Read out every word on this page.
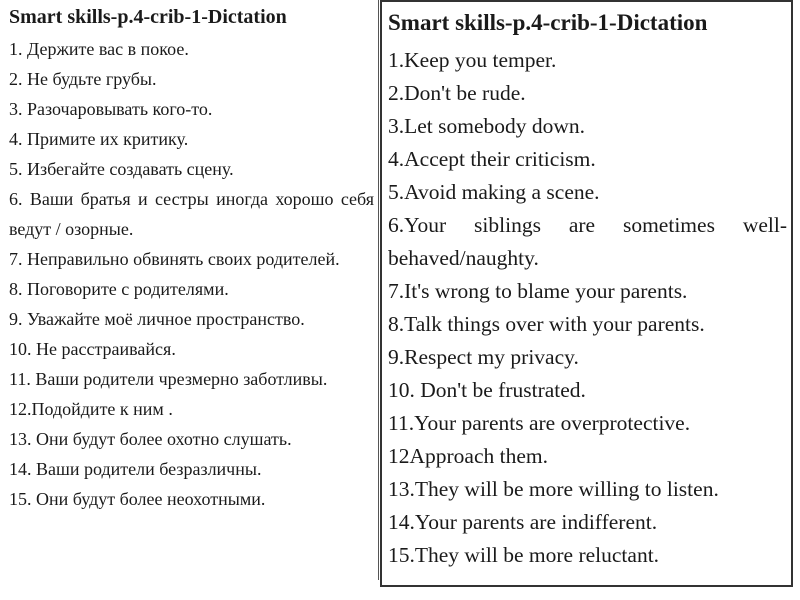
Smart skills-p.4-crib-1-Dictation
1. Держите вас в покое.
2. Не будьте грубы.
3. Разочаровывать кого-то.
4. Примите их критику.
5. Избегайте создавать сцену.
6. Ваши братья и сестры иногда хорошо себя ведут / озорные.
7. Неправильно обвинять своих родителей.
8. Поговорите с родителями.
9. Уважайте моё личное пространство.
10. Не расстраивайся.
11. Ваши родители чрезмерно заботливы.
12.Подойдите к ним .
13. Они будут более охотно слушать.
14. Ваши родители безразличны.
15. Они будут более неохотными.
Smart skills-p.4-crib-1-Dictation
1.Keep you temper.
2.Don't be rude.
3.Let somebody down.
4.Accept their criticism.
5.Avoid making a scene.
6.Your siblings are sometimes well-behaved/naughty.
7.It's wrong to blame your parents.
8.Talk things over with your parents.
9.Respect my privacy.
10. Don't be frustrated.
11.Your parents are overprotective.
12Approach them.
13.They will be more willing to listen.
14.Your parents are indifferent.
15.They will be more reluctant.
